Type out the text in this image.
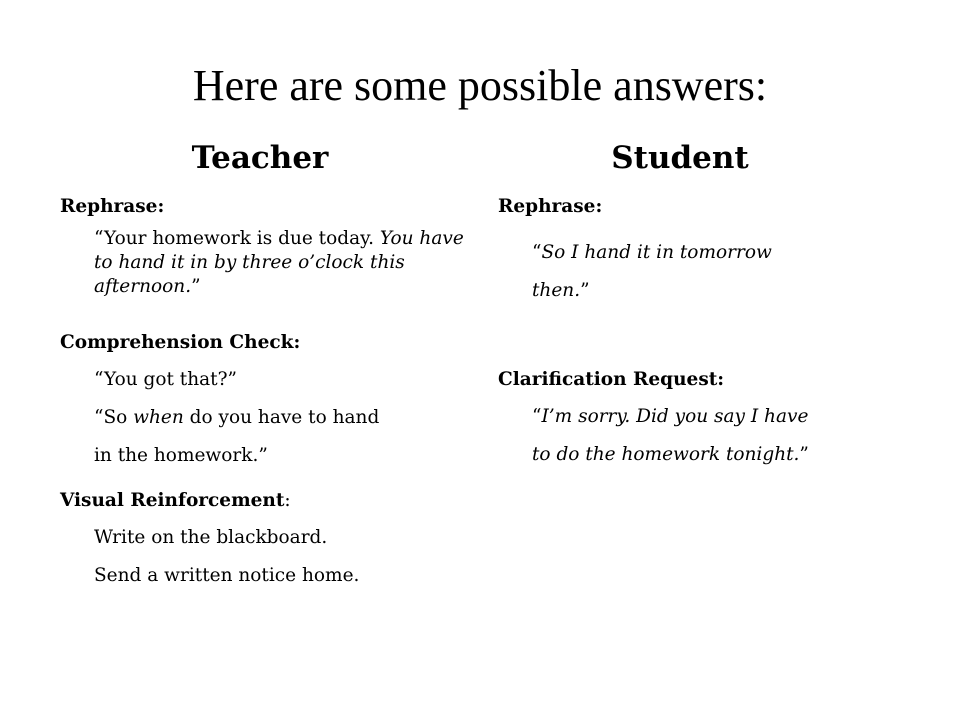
Here are some possible answers:
Teacher	Student
Rephrase:
“Your homework is due today. You have to hand it in by three o’clock this afternoon.”
Comprehension Check:
“You got that?”
“So when do you have to hand
in the homework.”
Visual Reinforcement:
Write on the blackboard.
Send a written notice home.
Rephrase:
“So I hand it in tomorrow
then.”
Clarification Request:
“I’m sorry. Did you say I have
to do the homework tonight.”
